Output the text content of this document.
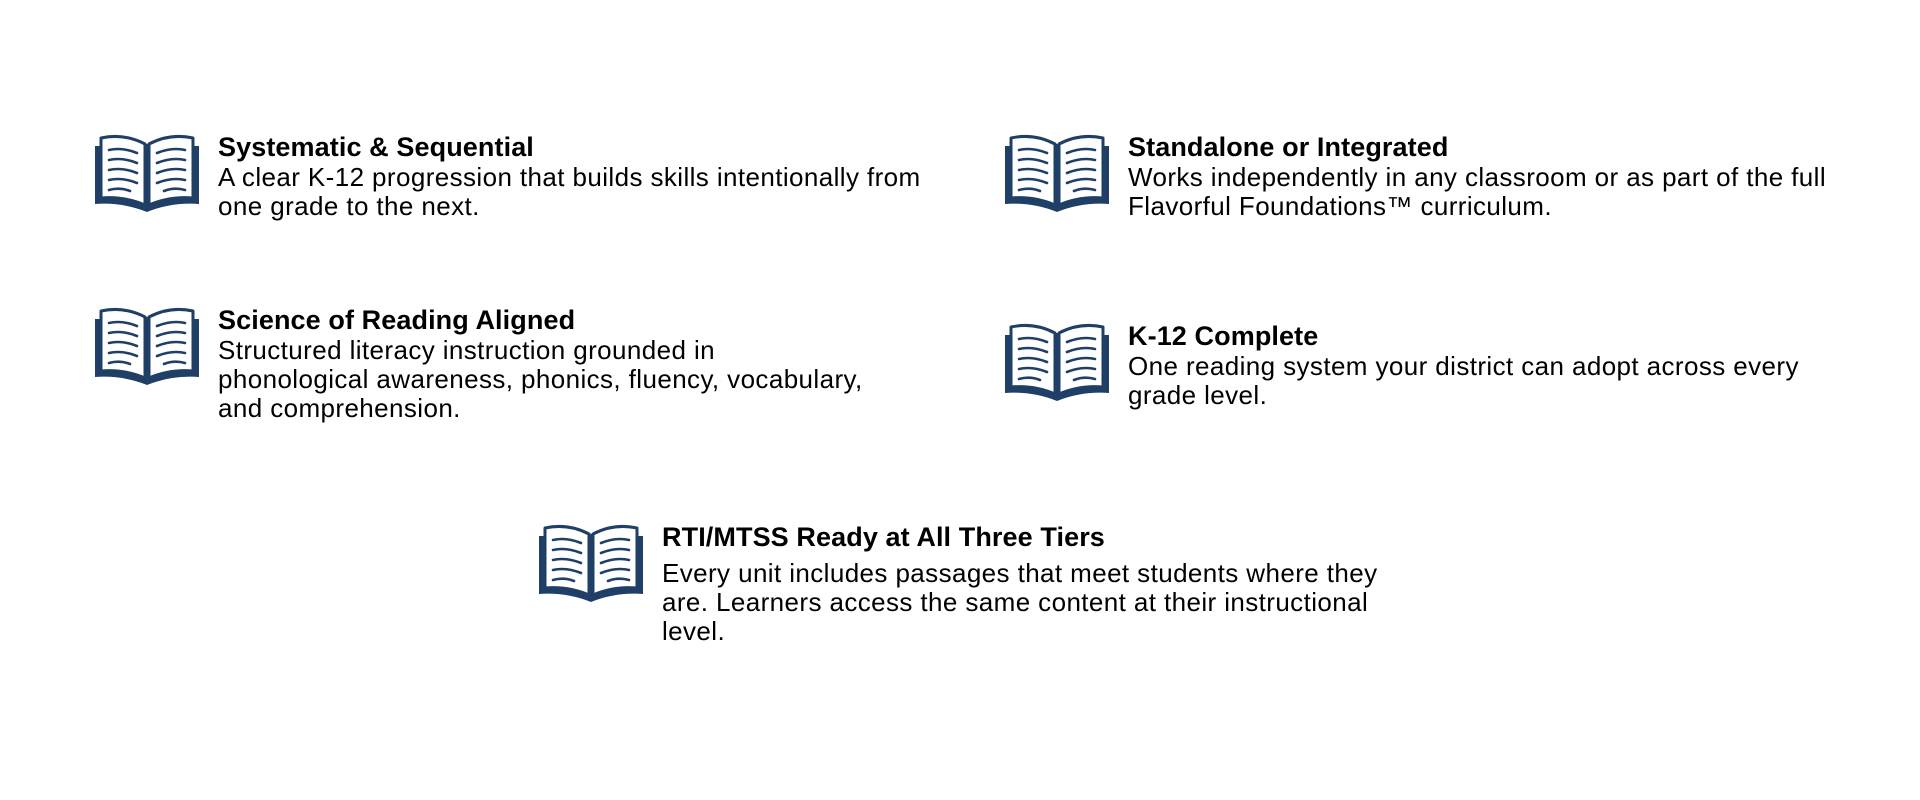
Systematic & Sequential

A clear K-12 progression that builds skills intentionally from one grade to the next.

Standalone or Integrated

Works independently in any classroom or as part of the full Flavorful Foundations™ curriculum.

Science of Reading Aligned

Structured literacy instruction grounded in phonological awareness, phonics, fluency, vocabulary, and comprehension.

K-12 Complete

One reading system your district can adopt across every grade level.

RTI/MTSS Ready at All Three Tiers

Every unit includes passages that meet students where they are. Learners access the same content at their instructional level.
